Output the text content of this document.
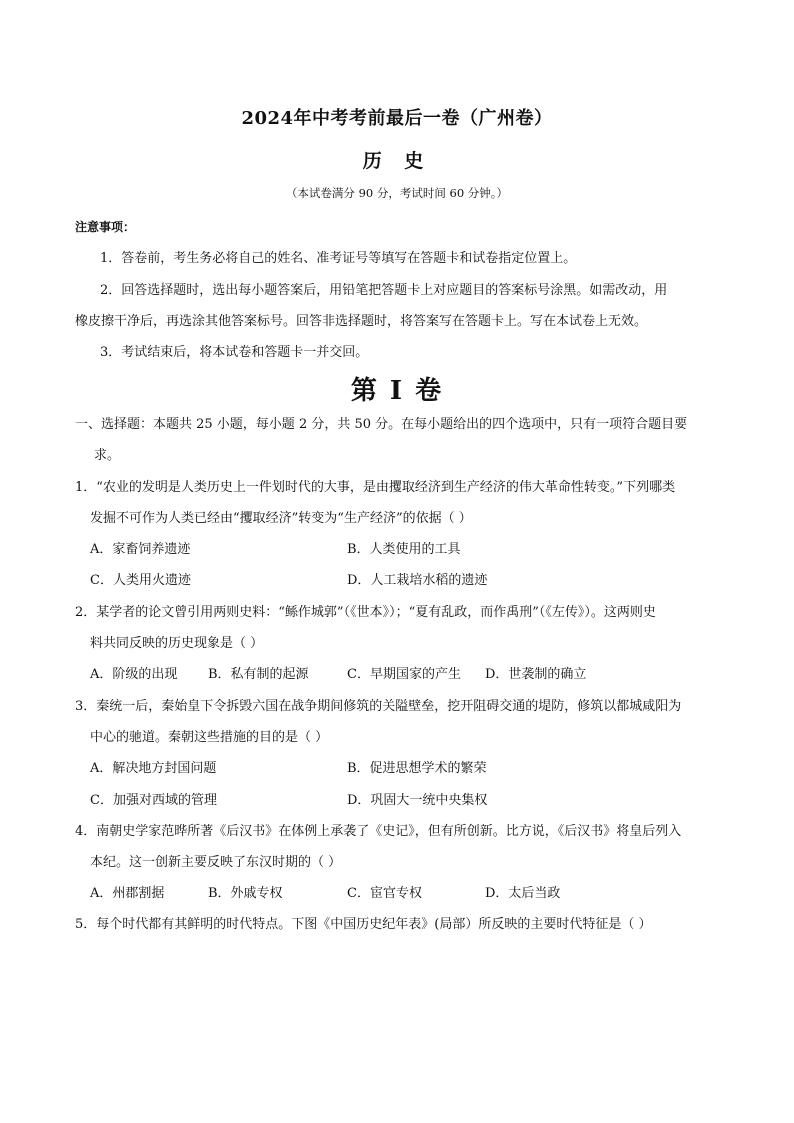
2024年中考考前最后一卷（广州卷）
历 史
（本试卷满分 90 分，考试时间 60 分钟。）
注意事项：
1．答卷前，考生务必将自己的姓名、准考证号等填写在答题卡和试卷指定位置上。
2．回答选择题时，选出每小题答案后，用铅笔把答题卡上对应题目的答案标号涂黑。如需改动，用
橡皮擦干净后，再选涂其他答案标号。回答非选择题时，将答案写在答题卡上。写在本试卷上无效。
3．考试结束后，将本试卷和答题卡一并交回。
第 I 卷
一、选择题：本题共 25 小题，每小题 2 分，共 50 分。在每小题给出的四个选项中，只有一项符合题目要
求。
1．“农业的发明是人类历史上一件划时代的大事，是由攫取经济到生产经济的伟大革命性转变。”下列哪类
发掘不可作为人类已经由“攫取经济”转变为“生产经济”的依据（ ）
A．家畜饲养遗迹	B．人类使用的工具
C．人类用火遗迹	D．人工栽培水稻的遗迹
2．某学者的论文曾引用两则史料：“鲧作城郭”（《世本》）；“夏有乱政，而作禹刑”（《左传》）。这两则史
料共同反映的历史现象是（ ）
A．阶级的出现 B．私有制的起源	C．早期国家的产生 D．世袭制的确立
3．秦统一后，秦始皇下令拆毁六国在战争期间修筑的关隘壁垒，挖开阻碍交通的堤防，修筑以都城咸阳为
中心的驰道。秦朝这些措施的目的是（ ）
A．解决地方封国问题	B．促进思想学术的繁荣
C．加强对西域的管理	D．巩固大一统中央集权
4．南朝史学家范晔所著《后汉书》在体例上承袭了《史记》，但有所创新。比方说，《后汉书》将皇后列入
本纪。这一创新主要反映了东汉时期的（ ）
A．州郡割据	B．外戚专权	C．宦官专权	D．太后当政
5．每个时代都有其鲜明的时代特点。下图《中国历史纪年表》(局部）所反映的主要时代特征是（ ）
